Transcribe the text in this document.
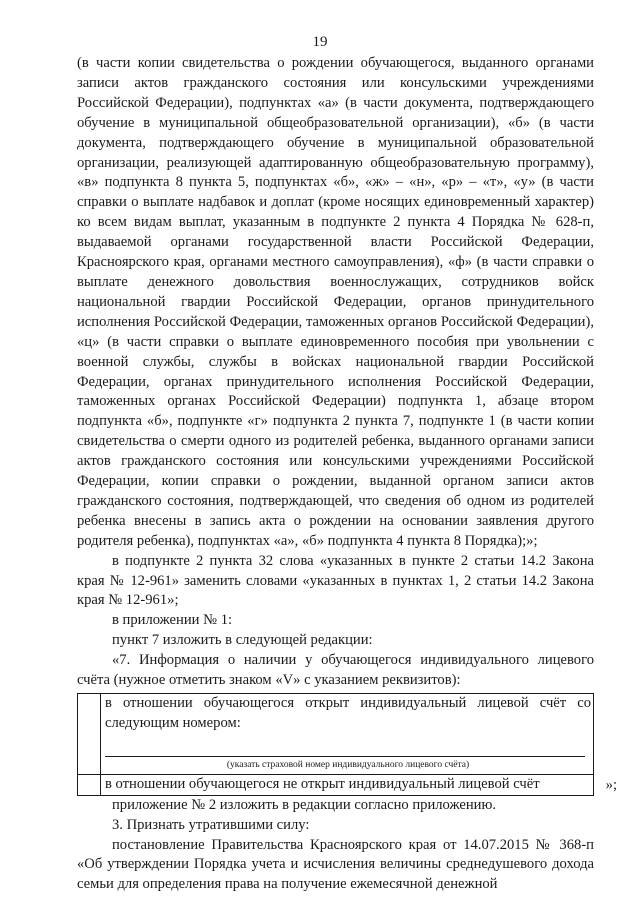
19

(в части копии свидетельства о рождении обучающегося, выданного органами записи актов гражданского состояния или консульскими учреждениями Российской Федерации), подпунктах «а» (в части документа, подтверждающего обучение в муниципальной общеобразовательной организации), «б» (в части документа, подтверждающего обучение в муниципальной образовательной организации, реализующей адаптированную общеобразовательную программу), «в» подпункта 8 пункта 5, подпунктах «б», «ж» – «н», «р» – «т», «у» (в части справки о выплате надбавок и доплат (кроме носящих единовременный характер) ко всем видам выплат, указанным в подпункте 2 пункта 4 Порядка № 628-п, выдаваемой органами государственной власти Российской Федерации, Красноярского края, органами местного самоуправления), «ф» (в части справки о выплате денежного довольствия военнослужащих, сотрудников войск национальной гвардии Российской Федерации, органов принудительного исполнения Российской Федерации, таможенных органов Российской Федерации), «ц» (в части справки о выплате единовременного пособия при увольнении с военной службы, службы в войсках национальной гвардии Российской Федерации, органах принудительного исполнения Российской Федерации, таможенных органах Российской Федерации) подпункта 1, абзаце втором подпункта «б», подпункте «г» подпункта 2 пункта 7, подпункте 1 (в части копии свидетельства о смерти одного из родителей ребенка, выданного органами записи актов гражданского состояния или консульскими учреждениями Российской Федерации, копии справки о рождении, выданной органом записи актов гражданского состояния, подтверждающей, что сведения об одном из родителей ребенка внесены в запись акта о рождении на основании заявления другого родителя ребенка), подпунктах «а», «б» подпункта 4 пункта 8 Порядка);»;

в подпункте 2 пункта 32 слова «указанных в пункте 2 статьи 14.2 Закона края № 12-961» заменить словами «указанных в пунктах 1, 2 статьи 14.2 Закона края № 12-961»;

в приложении № 1:

пункт 7 изложить в следующей редакции:

«7. Информация о наличии у обучающегося индивидуального лицевого счёта (нужное отметить знаком «V» с указанием реквизитов):

	в отношении обучающегося открыт индивидуальный лицевой счёт со следующим номером:
(указать страховой номер индивидуального лицевого счёта)

	в отношении обучающегося не открыт индивидуальный лицевой счёт	»;

приложение № 2 изложить в редакции согласно приложению.

3. Признать утратившими силу:

постановление Правительства Красноярского края от 14.07.2015 № 368-п «Об утверждении Порядка учета и исчисления величины среднедушевого дохода семьи для определения права на получение ежемесячной денежной
